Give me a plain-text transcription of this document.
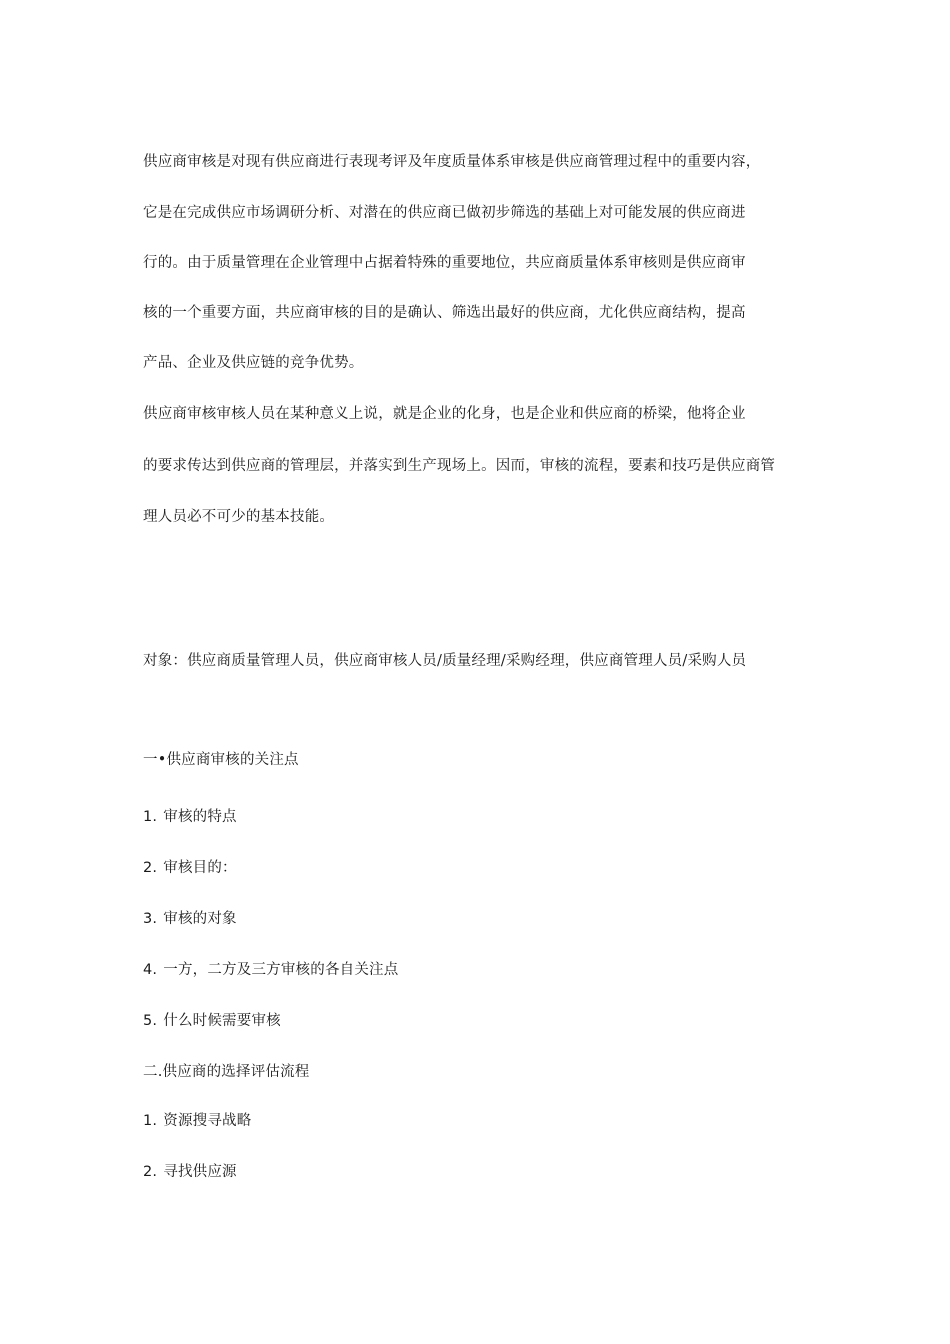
供应商审核是对现有供应商进行表现考评及年度质量体系审核是供应商管理过程中的重要内容，
它是在完成供应市场调研分析、对潜在的供应商已做初步筛选的基础上对可能发展的供应商进
行的。由于质量管理在企业管理中占据着特殊的重要地位，共应商质量体系审核则是供应商审
核的一个重要方面，共应商审核的目的是确认、筛选出最好的供应商，尤化供应商结构，提高
产品、企业及供应链的竞争优势。
供应商审核审核人员在某种意义上说，就是企业的化身，也是企业和供应商的桥梁，他将企业
的要求传达到供应商的管理层，并落实到生产现场上。因而，审核的流程，要素和技巧是供应商管
理人员必不可少的基本技能。
对象：供应商质量管理人员，供应商审核人员/质量经理/采购经理，供应商管理人员/采购人员
一•供应商审核的关注点
1. 审核的特点
2. 审核目的：
3. 审核的对象
4. 一方，二方及三方审核的各自关注点
5. 什么时候需要审核
二.供应商的选择评估流程
1. 资源搜寻战略
2. 寻找供应源
